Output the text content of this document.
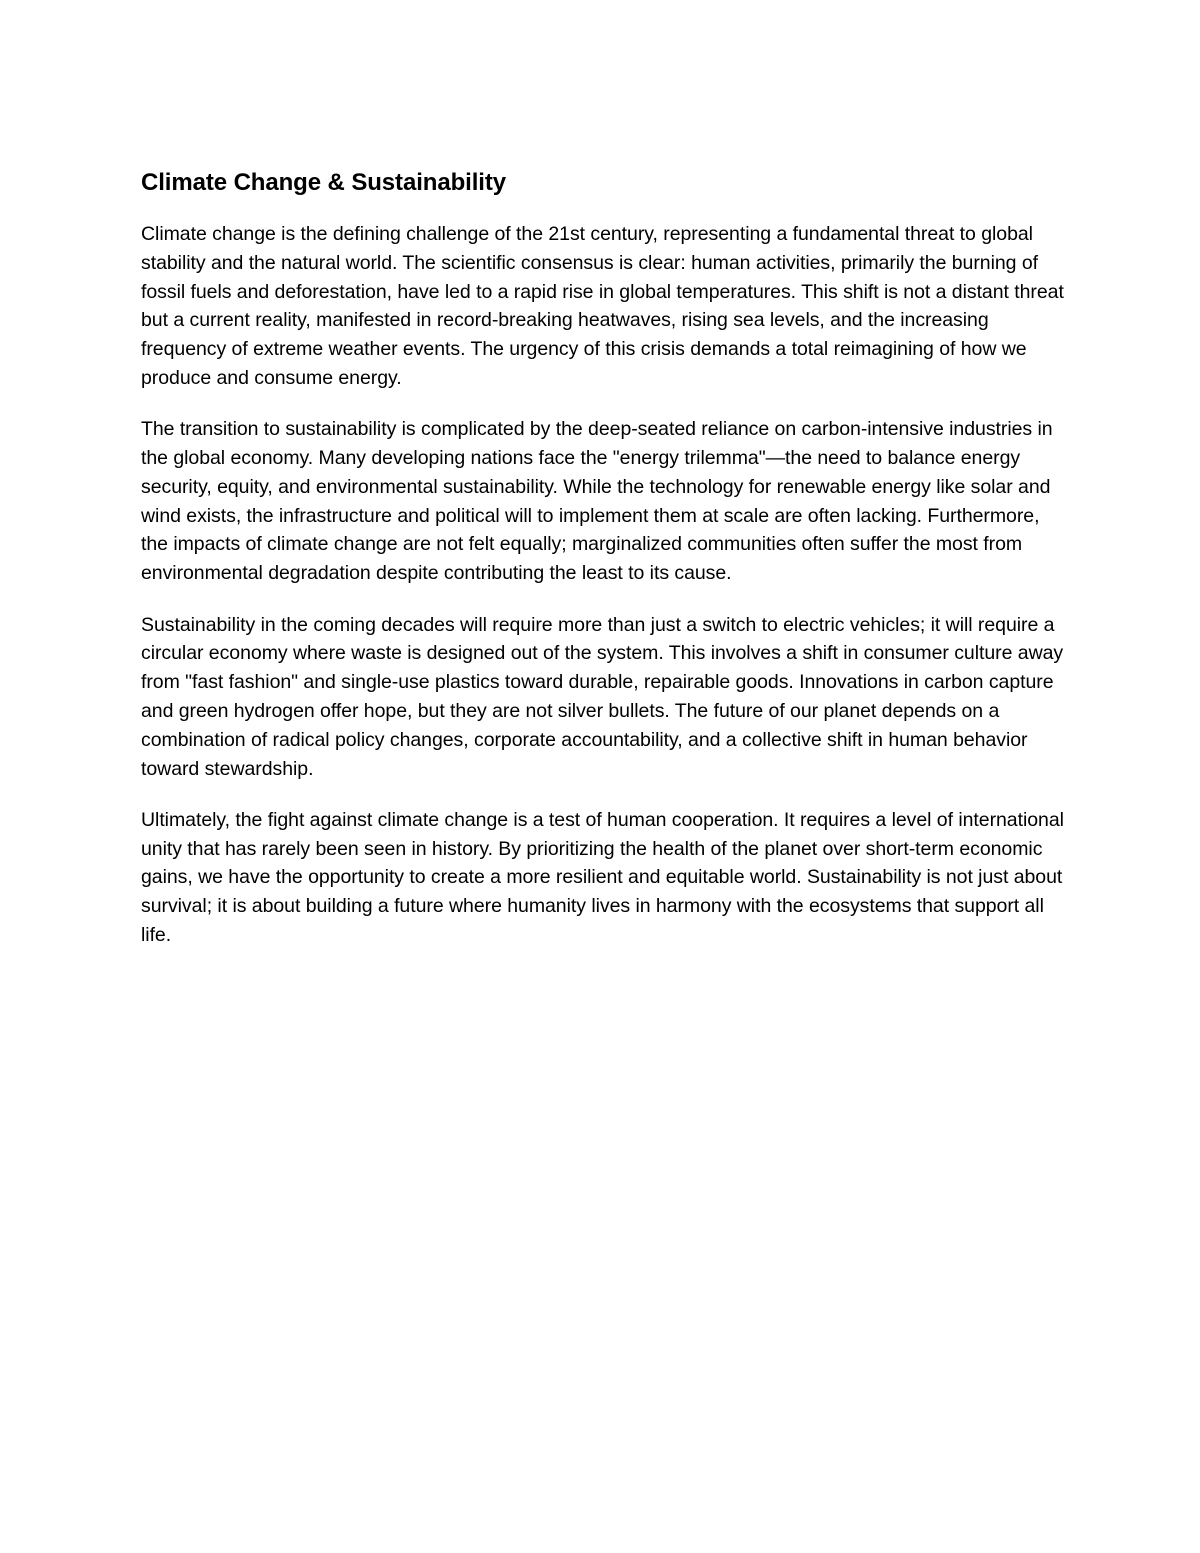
Climate Change & Sustainability

Climate change is the defining challenge of the 21st century, representing a fundamental threat to global stability and the natural world. The scientific consensus is clear: human activities, primarily the burning of fossil fuels and deforestation, have led to a rapid rise in global temperatures. This shift is not a distant threat but a current reality, manifested in record-breaking heatwaves, rising sea levels, and the increasing frequency of extreme weather events. The urgency of this crisis demands a total reimagining of how we produce and consume energy.

The transition to sustainability is complicated by the deep-seated reliance on carbon-intensive industries in the global economy. Many developing nations face the "energy trilemma"—the need to balance energy security, equity, and environmental sustainability. While the technology for renewable energy like solar and wind exists, the infrastructure and political will to implement them at scale are often lacking. Furthermore, the impacts of climate change are not felt equally; marginalized communities often suffer the most from environmental degradation despite contributing the least to its cause.

Sustainability in the coming decades will require more than just a switch to electric vehicles; it will require a circular economy where waste is designed out of the system. This involves a shift in consumer culture away from "fast fashion" and single-use plastics toward durable, repairable goods. Innovations in carbon capture and green hydrogen offer hope, but they are not silver bullets. The future of our planet depends on a combination of radical policy changes, corporate accountability, and a collective shift in human behavior toward stewardship.

Ultimately, the fight against climate change is a test of human cooperation. It requires a level of international unity that has rarely been seen in history. By prioritizing the health of the planet over short-term economic gains, we have the opportunity to create a more resilient and equitable world. Sustainability is not just about survival; it is about building a future where humanity lives in harmony with the ecosystems that support all life.
